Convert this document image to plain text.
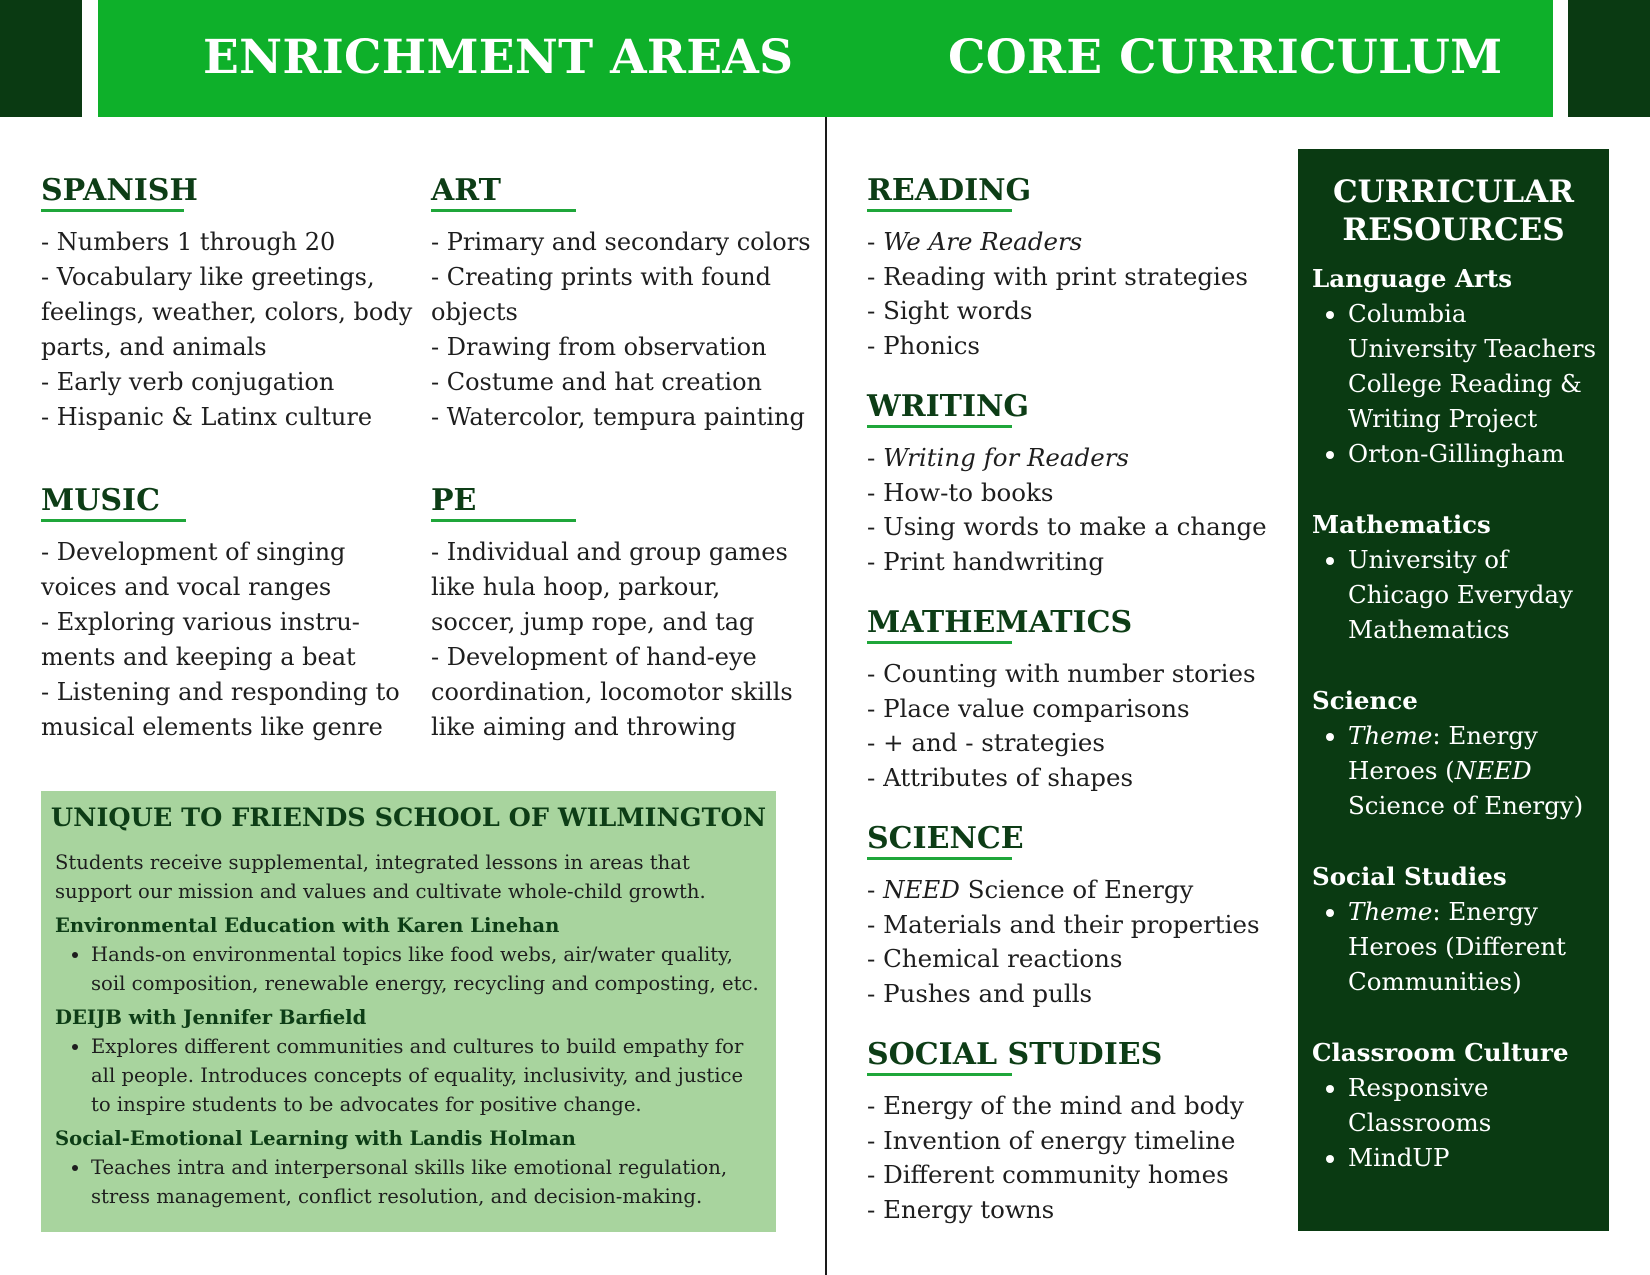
ENRICHMENT AREAS	CORE CURRICULUM
SPANISH
- Numbers 1 through 20
- Vocabulary like greetings,
feelings, weather, colors, body
parts, and animals
- Early verb conjugation
- Hispanic & Latinx culture
ART
- Primary and secondary colors
- Creating prints with found
objects
- Drawing from observation
- Costume and hat creation
- Watercolor, tempura painting
MUSIC
- Development of singing
voices and vocal ranges
- Exploring various instru-
ments and keeping a beat
- Listening and responding to
musical elements like genre
PE
- Individual and group games
like hula hoop, parkour,
soccer, jump rope, and tag
- Development of hand-eye
coordination, locomotor skills
like aiming and throwing
UNIQUE TO FRIENDS SCHOOL OF WILMINGTON
Students receive supplemental, integrated lessons in areas that support our mission and values and cultivate whole-child growth.
Environmental Education with Karen Linehan
• Hands-on environmental topics like food webs, air/water quality, soil composition, renewable energy, recycling and composting, etc.
DEIJB with Jennifer Barfield
• Explores different communities and cultures to build empathy for all people. Introduces concepts of equality, inclusivity, and justice to inspire students to be advocates for positive change.
Social-Emotional Learning with Landis Holman
• Teaches intra and interpersonal skills like emotional regulation, stress management, conflict resolution, and decision-making.
READING
- We Are Readers
- Reading with print strategies
- Sight words
- Phonics
WRITING
- Writing for Readers
- How-to books
- Using words to make a change
- Print handwriting
MATHEMATICS
- Counting with number stories
- Place value comparisons
- + and - strategies
- Attributes of shapes
SCIENCE
- NEED Science of Energy
- Materials and their properties
- Chemical reactions
- Pushes and pulls
SOCIAL STUDIES
- Energy of the mind and body
- Invention of energy timeline
- Different community homes
- Energy towns
CURRICULAR
RESOURCES
Language Arts
• Columbia University Teachers College Reading & Writing Project
• Orton-Gillingham
Mathematics
• University of Chicago Everyday Mathematics
Science
• Theme: Energy Heroes (NEED Science of Energy)
Social Studies
• Theme: Energy Heroes (Different Communities)
Classroom Culture
• Responsive Classrooms
• MindUP
